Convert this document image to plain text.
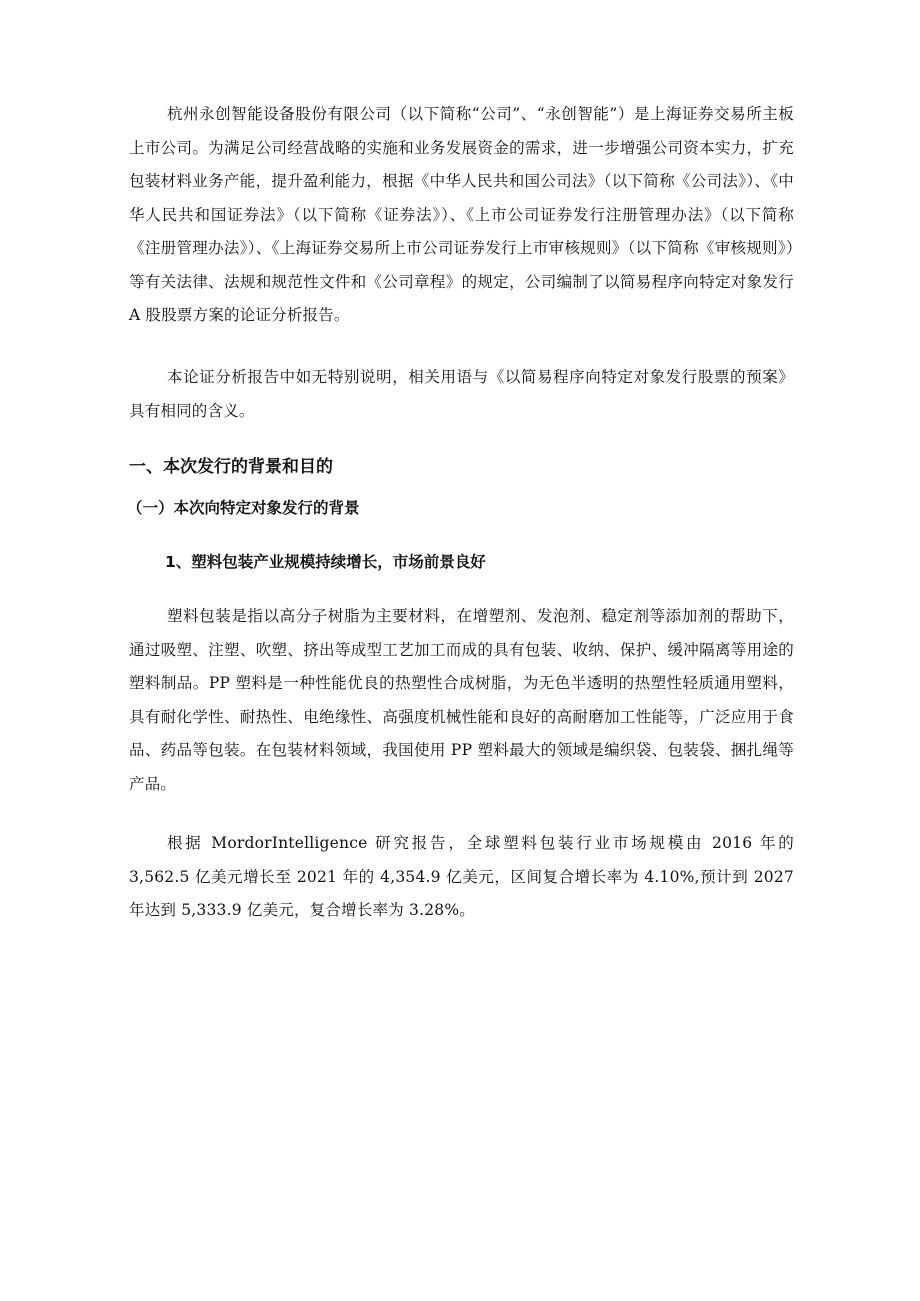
杭州永创智能设备股份有限公司（以下简称“公司”、“永创智能”）是上海证券交易所主板上市公司。为满足公司经营战略的实施和业务发展资金的需求，进一步增强公司资本实力，扩充包装材料业务产能，提升盈利能力，根据《中华人民共和国公司法》（以下简称《公司法》）、《中华人民共和国证券法》（以下简称《证券法》）、《上市公司证券发行注册管理办法》（以下简称《注册管理办法》）、《上海证券交易所上市公司证券发行上市审核规则》（以下简称《审核规则》）等有关法律、法规和规范性文件和《公司章程》的规定，公司编制了以简易程序向特定对象发行 A 股股票方案的论证分析报告。

本论证分析报告中如无特别说明，相关用语与《以简易程序向特定对象发行股票的预案》具有相同的含义。

一、本次发行的背景和目的
（一）本次向特定对象发行的背景
1、塑料包装产业规模持续增长，市场前景良好

塑料包装是指以高分子树脂为主要材料，在增塑剂、发泡剂、稳定剂等添加剂的帮助下，通过吸塑、注塑、吹塑、挤出等成型工艺加工而成的具有包装、收纳、保护、缓冲隔离等用途的塑料制品。PP 塑料是一种性能优良的热塑性合成树脂，为无色半透明的热塑性轻质通用塑料，具有耐化学性、耐热性、电绝缘性、高强度机械性能和良好的高耐磨加工性能等，广泛应用于食品、药品等包装。在包装材料领域，我国使用 PP 塑料最大的领域是编织袋、包装袋、捆扎绳等产品。

根据 MordorIntelligence 研究报告，全球塑料包装行业市场规模由 2016 年的 3,562.5 亿美元增长至 2021 年的 4,354.9 亿美元，区间复合增长率为 4.10%,预计到 2027 年达到 5,333.9 亿美元，复合增长率为 3.28%。
